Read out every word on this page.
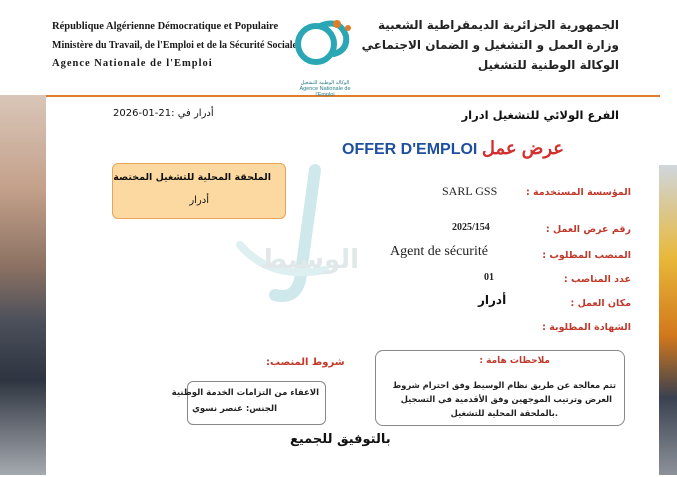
République Algérienne Démocratique et Populaire
Ministère du Travail, de l'Emploi et de la Sécurité Sociale
Agence Nationale de l'Emploi
الوكالة الوطنية للتشغيل
Agence Nationale de l'Emploi
الجمهورية الجزائرية الديمقراطية الشعبية
وزارة العمل و التشغيل و الضمان الاجتماعي
الوكالة الوطنية للتشغيل
الفرع الولائي للتشغيل ادرار
أدرار في :21-01-2026
OFFER D'EMPLOI عرض عمل
الوسيط
الملحقة المحلية للتشغيل المختصة
أدرار
المؤسسة المستخدمة :
رقم عرض العمل :
المنصب المطلوب :
عدد المناصب :
مكان العمل :
الشهادة المطلوبة :
SARL GSS
2025/154
Agent de sécurité
01
أدرار
ملاحظات هامة :
تتم معالجة عن طريق نظام الوسيط وفق احترام شروط
العرض وترتيب الموجهين وفق الأقدمية في التسجيل
.بالملحقة المحلية للتشغيل
شروط المنصب:
الاعفاء من التزامات الخدمة الوطنية
الجنس: عنصر نسوي
بالتوفيق للجميع
